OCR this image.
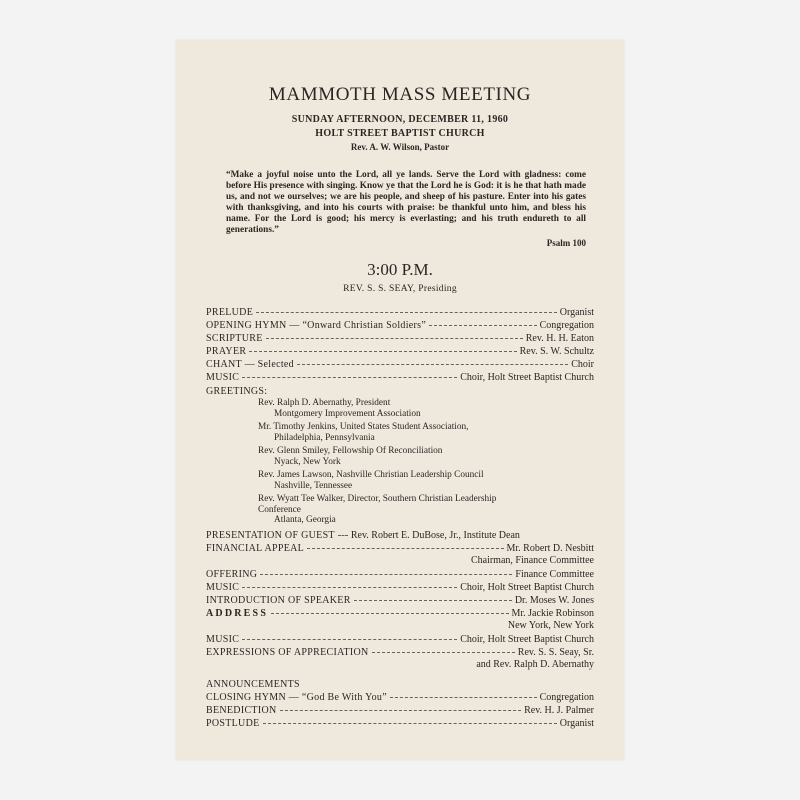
MAMMOTH MASS MEETING
SUNDAY AFTERNOON, DECEMBER 11, 1960
HOLT STREET BAPTIST CHURCH
Rev. A. W. Wilson, Pastor
“Make a joyful noise unto the Lord, all ye lands. Serve the Lord with gladness: come before His presence with singing. Know ye that the Lord he is God: it is he that hath made us, and not we ourselves; we are his people, and sheep of his pasture. Enter into his gates with thanksgiving, and into his courts with praise: be thankful unto him, and bless his name. For the Lord is good; his mercy is everlasting; and his truth endureth to all generations.”
Psalm 100
3:00 P.M.
REV. S. S. SEAY, Presiding
PRELUDE	Organist
OPENING HYMN — “Onward Christian Soldiers”	Congregation
SCRIPTURE	Rev. H. H. Eaton
PRAYER	Rev. S. W. Schultz
CHANT — Selected	Choir
MUSIC	Choir, Holt Street Baptist Church
GREETINGS:
Rev. Ralph D. Abernathy, President
Montgomery Improvement Association
Mr. Timothy Jenkins, United States Student Association,
Philadelphia, Pennsylvania
Rev. Glenn Smiley, Fellowship Of Reconciliation
Nyack, New York
Rev. James Lawson, Nashville Christian Leadership Council
Nashville, Tennessee
Rev. Wyatt Tee Walker, Director, Southern Christian Leadership
Conference
Atlanta, Georgia
PRESENTATION OF GUEST Rev. Robert E. DuBose, Jr., Institute Dean
FINANCIAL APPEAL	Mr. Robert D. Nesbitt
Chairman, Finance Committee
OFFERING	Finance Committee
MUSIC	Choir, Holt Street Baptist Church
INTRODUCTION OF SPEAKER	Dr. Moses W. Jones
ADDRESS	Mr. Jackie Robinson
New York, New York
MUSIC	Choir, Holt Street Baptist Church
EXPRESSIONS OF APPRECIATION	Rev. S. S. Seay, Sr.
and Rev. Ralph D. Abernathy
ANNOUNCEMENTS
CLOSING HYMN — “God Be With You”	Congregation
BENEDICTION	Rev. H. J. Palmer
POSTLUDE	Organist
